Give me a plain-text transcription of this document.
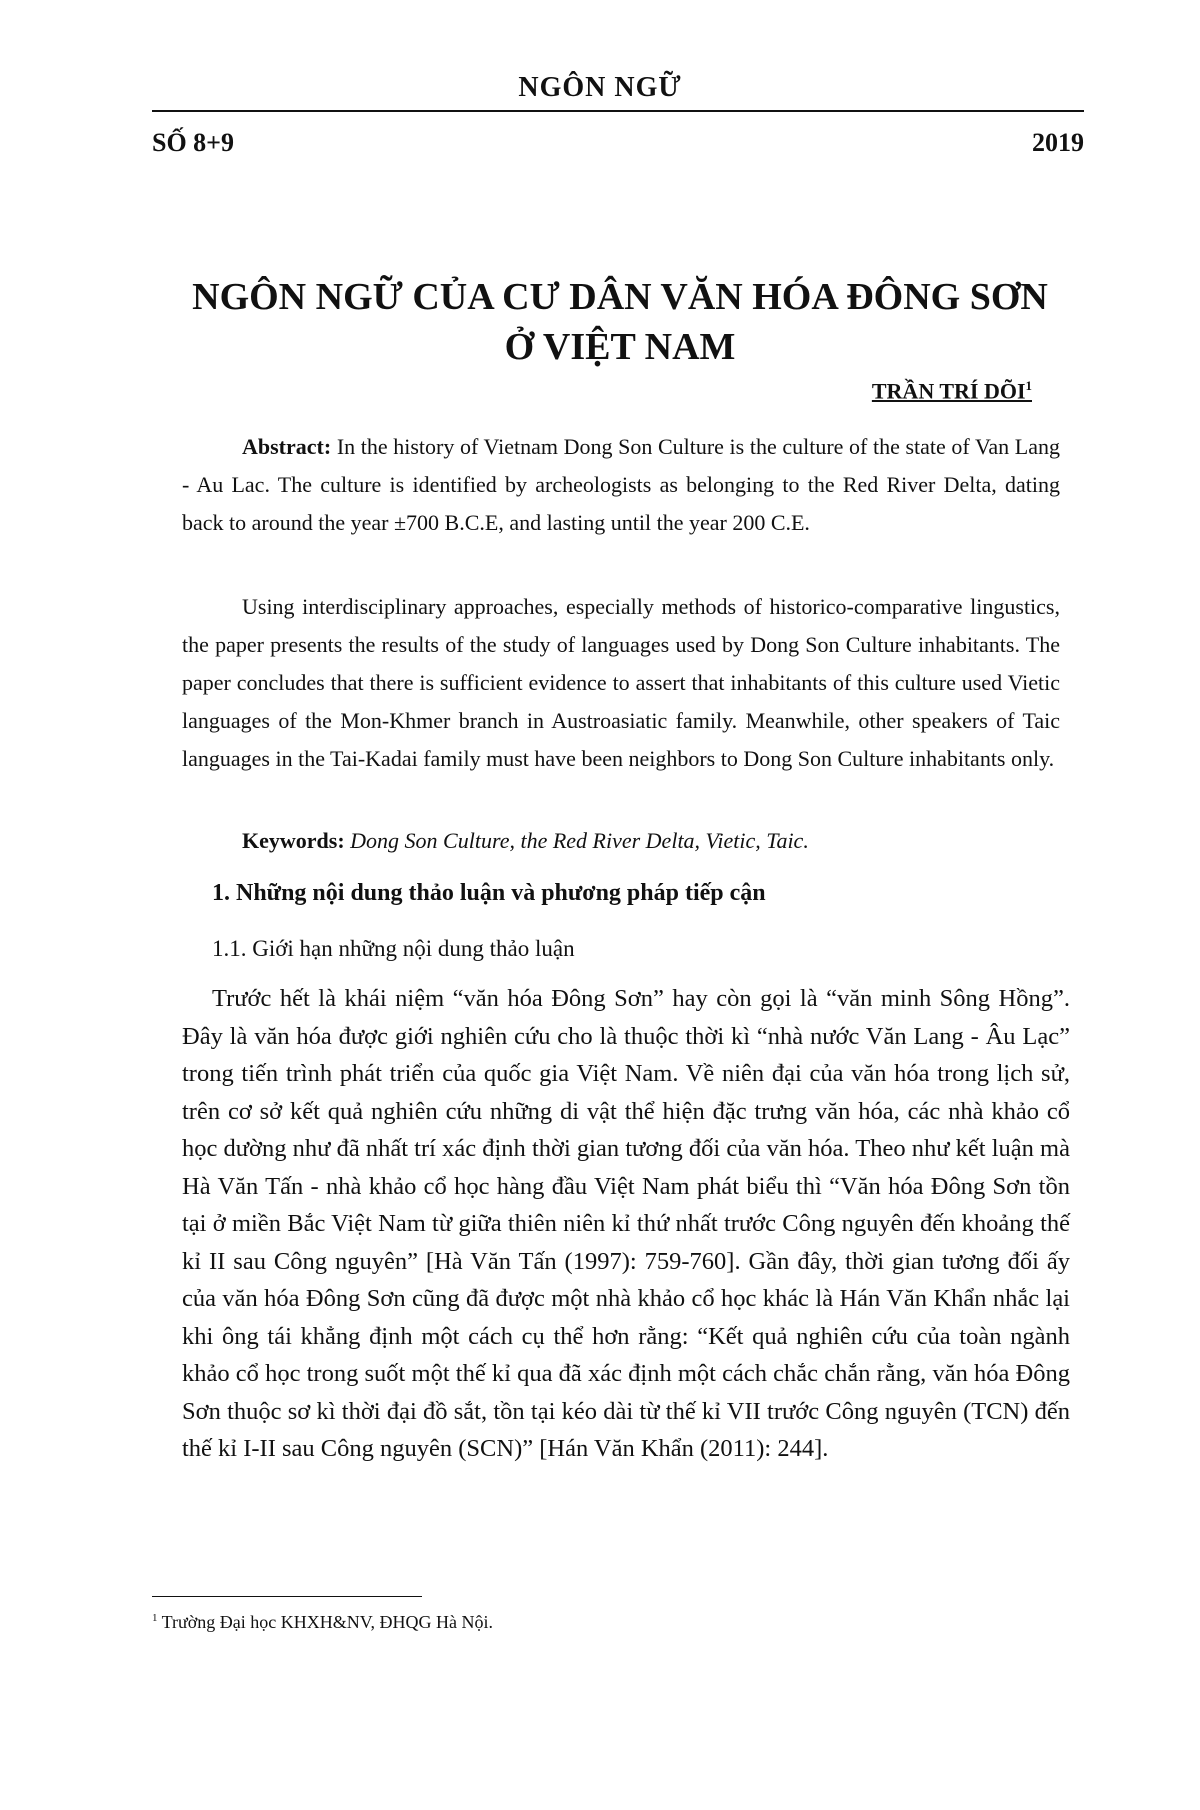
NGÔN NGỮ
SỐ 8+9	2019
NGÔN NGỮ CỦA CƯ DÂN VĂN HÓA ĐÔNG SƠN
Ở VIỆT NAM
TRẦN TRÍ DÕI$^1$

Abstract: In the history of Vietnam Dong Son Culture is the culture of the state of Van Lang - Au Lac. The culture is identified by archeologists as belonging to the Red River Delta, dating back to around the year ±700 B.C.E, and lasting until the year 200 C.E.

Using interdisciplinary approaches, especially methods of historico-comparative lingustics, the paper presents the results of the study of languages used by Dong Son Culture inhabitants. The paper concludes that there is sufficient evidence to assert that inhabitants of this culture used Vietic languages of the Mon-Khmer branch in Austroasiatic family. Meanwhile, other speakers of Taic languages in the Tai-Kadai family must have been neighbors to Dong Son Culture inhabitants only.

Keywords: Dong Son Culture, the Red River Delta, Vietic, Taic.

1. Những nội dung thảo luận và phương pháp tiếp cận
1.1. Giới hạn những nội dung thảo luận

Trước hết là khái niệm “văn hóa Đông Sơn” hay còn gọi là “văn minh Sông Hồng”. Đây là văn hóa được giới nghiên cứu cho là thuộc thời kì “nhà nước Văn Lang - Âu Lạc” trong tiến trình phát triển của quốc gia Việt Nam. Về niên đại của văn hóa trong lịch sử, trên cơ sở kết quả nghiên cứu những di vật thể hiện đặc trưng văn hóa, các nhà khảo cổ học dường như đã nhất trí xác định thời gian tương đối của văn hóa. Theo như kết luận mà Hà Văn Tấn - nhà khảo cổ học hàng đầu Việt Nam phát biểu thì “Văn hóa Đông Sơn tồn tại ở miền Bắc Việt Nam từ giữa thiên niên kỉ thứ nhất trước Công nguyên đến khoảng thế kỉ II sau Công nguyên” [Hà Văn Tấn (1997): 759-760]. Gần đây, thời gian tương đối ấy của văn hóa Đông Sơn cũng đã được một nhà khảo cổ học khác là Hán Văn Khẩn nhắc lại khi ông tái khẳng định một cách cụ thể hơn rằng: “Kết quả nghiên cứu của toàn ngành khảo cổ học trong suốt một thế kỉ qua đã xác định một cách chắc chắn rằng, văn hóa Đông Sơn thuộc sơ kì thời đại đồ sắt, tồn tại kéo dài từ thế kỉ VII trước Công nguyên (TCN) đến thế kỉ I-II sau Công nguyên (SCN)” [Hán Văn Khẩn (2011): 244].

$^1$ Trường Đại học KHXH&NV, ĐHQG Hà Nội.
